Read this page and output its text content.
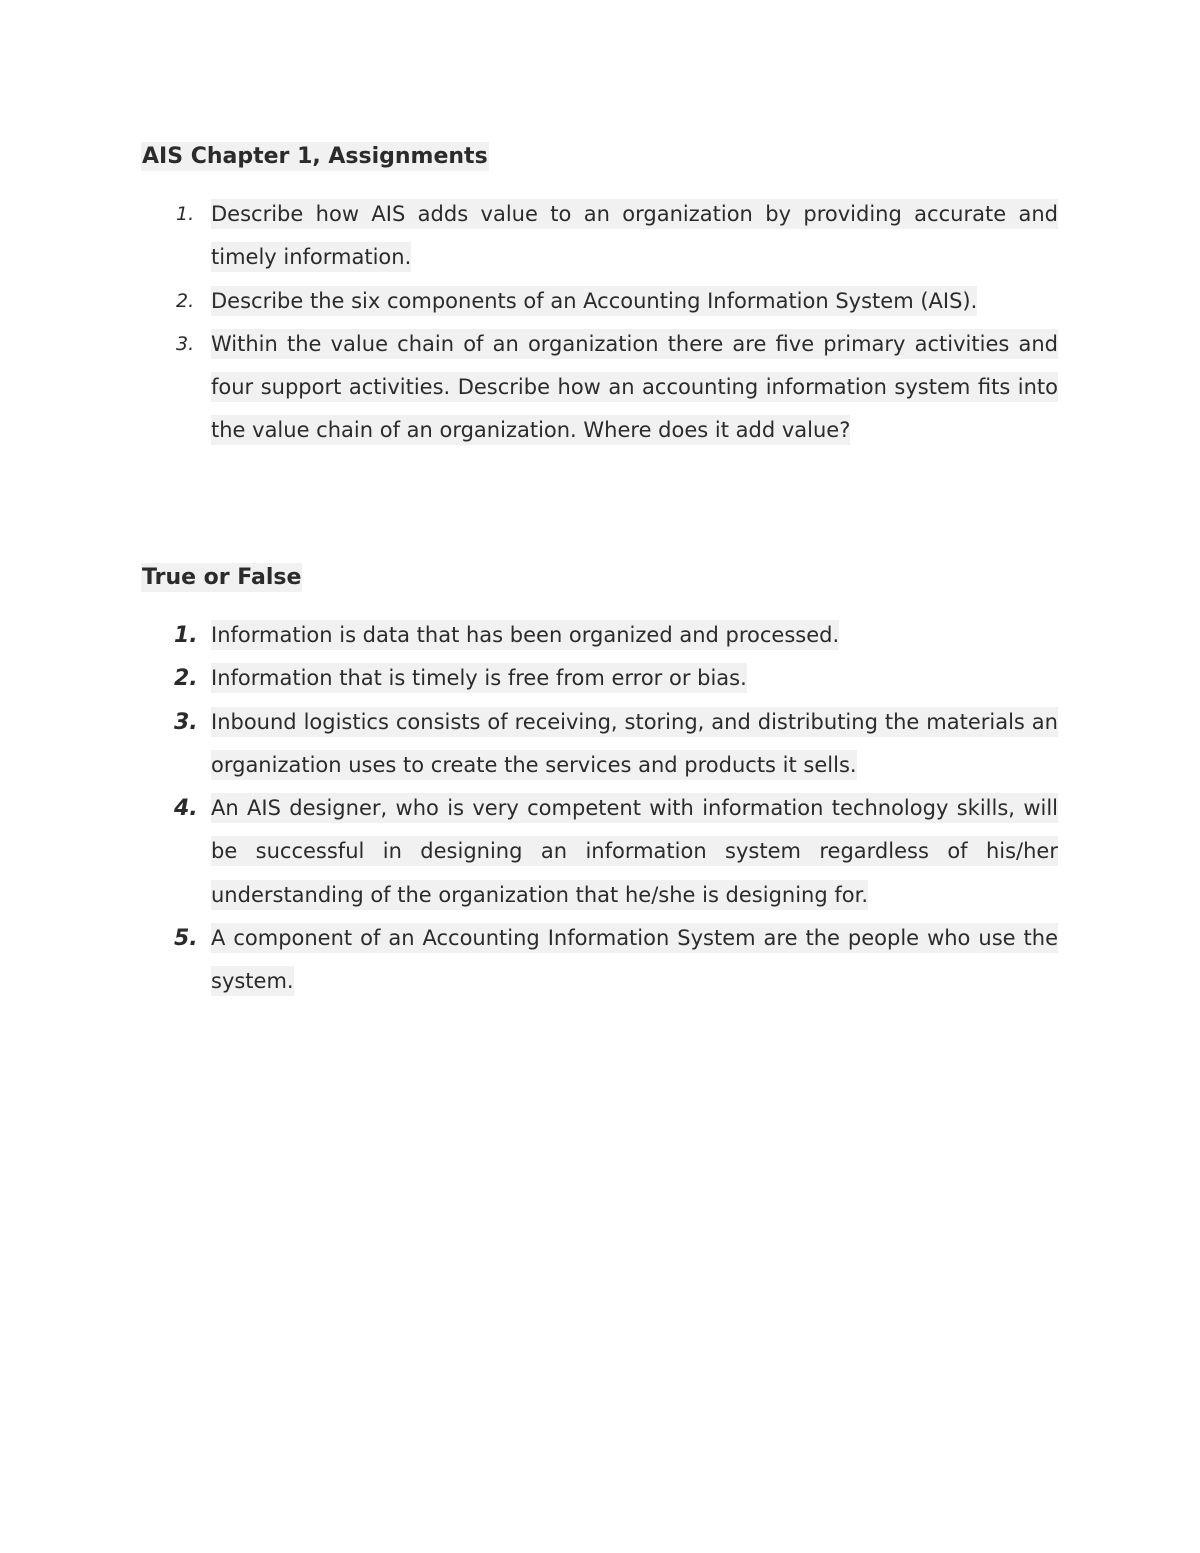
AIS Chapter 1, Assignments
1. Describe how AIS adds value to an organization by providing accurate and timely information.
2. Describe the six components of an Accounting Information System (AIS).
3. Within the value chain of an organization there are five primary activities and four support activities. Describe how an accounting information system fits into the value chain of an organization. Where does it add value?
True or False
1. Information is data that has been organized and processed.
2. Information that is timely is free from error or bias.
3. Inbound logistics consists of receiving, storing, and distributing the materials an organization uses to create the services and products it sells.
4. An AIS designer, who is very competent with information technology skills, will be successful in designing an information system regardless of his/her understanding of the organization that he/she is designing for.
5. A component of an Accounting Information System are the people who use the system.
